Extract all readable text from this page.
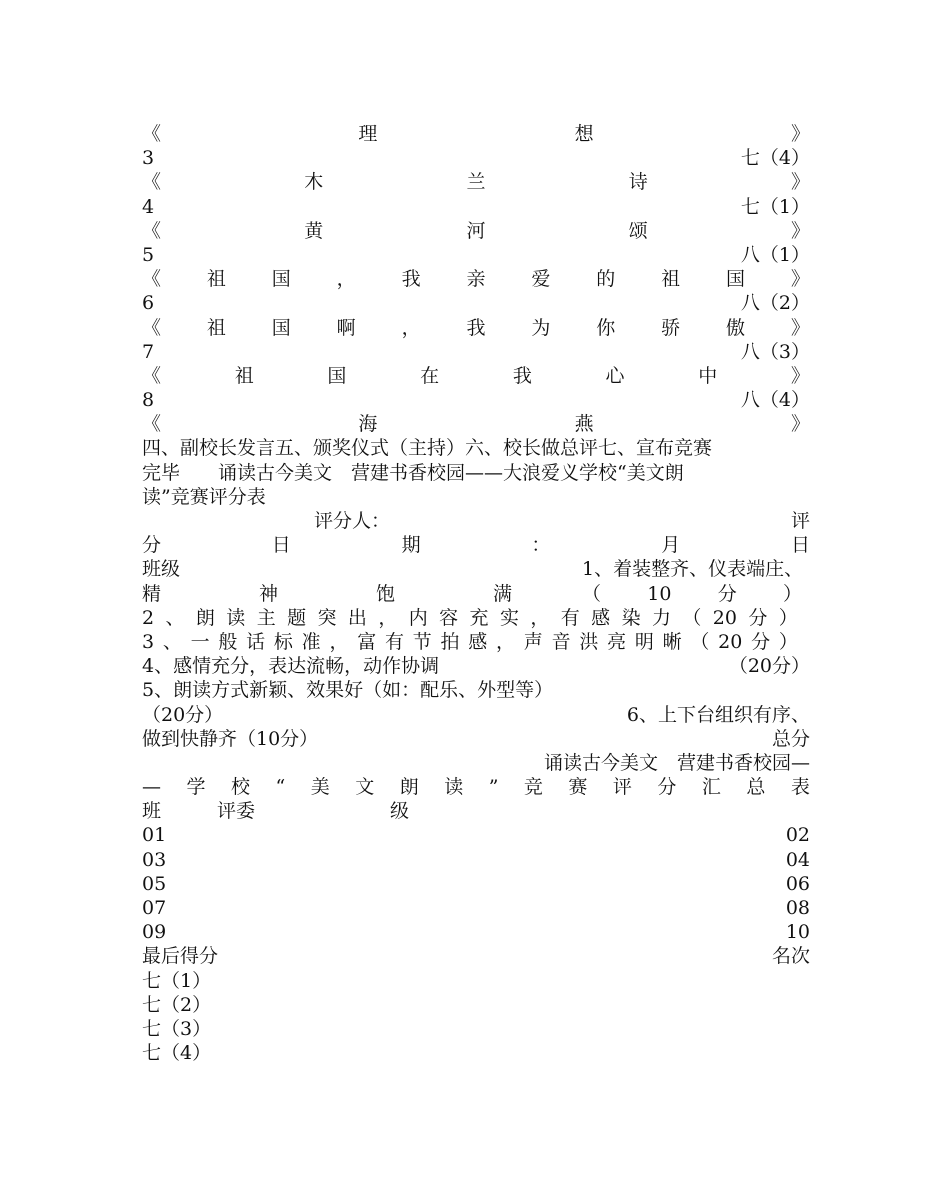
《	理	想	》
3	七（4）
《	木	兰	诗	》
4	七（1）
《	黄	河	颂	》
5	八（1）
《 祖 国 ， 我 亲 爱 的 祖 国 》
6	八（2）
《 祖 国 啊 ， 我 为 你 骄 傲 》
7	八（3）
《	祖	国	在	我	心	中	》
8	八（4）
《	海	燕	》
四、副校长发言五、颁奖仪式（主持）六、校长做总评七、宣布竞赛
完毕　　诵读古今美文　营建书香校园——大浪爱义学校“美文朗
读”竞赛评分表
评分人：	评
分	日	期	：	月	日
班级	1、着装整齐、仪表端庄、
精	神	饱	满	（ 10 分 ）
2 、 朗 读 主 题 突 出 ， 内 容 充 实 ， 有 感 染 力 （ 20 分 ）
3 、 一 般 话 标 准 ， 富 有 节 拍 感 ， 声 音 洪 亮 明 晰 （ 20 分 ）
4、感情充分，表达流畅，动作协调	（20分）
5、朗读方式新颖、效果好（如：配乐、外型等）
（20分）	6、上下台组织有序、
做到快静齐（10分）	总分
诵读古今美文　营建书香校园—
— 学 校 “ 美 文 朗 读 ” 竞 赛 评 分 汇 总 表
班	评委	级
01	02
03	04
05	06
07	08
09	10
最后得分	名次
七（1）
七（2）
七（3）
七（4）
